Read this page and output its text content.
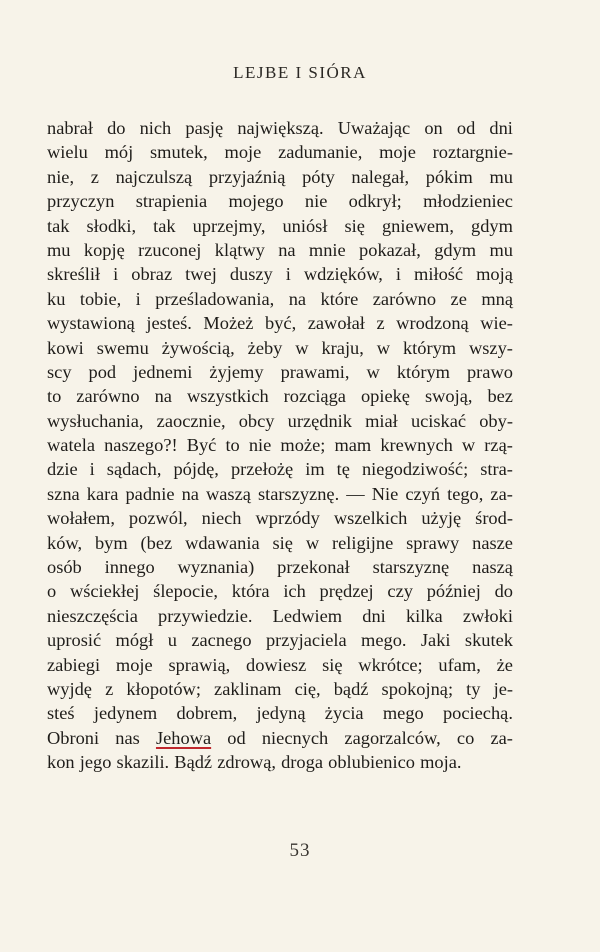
LEJBE I SIÓRA
nabrał do nich pasję największą. Uważając on od dni
wielu mój smutek, moje zadumanie, moje roztargnie-
nie, z najczulszą przyjaźnią póty nalegał, pókim mu
przyczyn strapienia mojego nie odkrył; młodzieniec
tak słodki, tak uprzejmy, uniósł się gniewem, gdym
mu kopję rzuconej klątwy na mnie pokazał, gdym mu
skreślił i obraz twej duszy i wdzięków, i miłość moją
ku tobie, i prześladowania, na które zarówno ze mną
wystawioną jesteś. Możeż być, zawołał z wrodzoną wie-
kowi swemu żywością, żeby w kraju, w którym wszy-
scy pod jednemi żyjemy prawami, w którym prawo
to zarówno na wszystkich rozciąga opiekę swoją, bez
wysłuchania, zaocznie, obcy urzędnik miał uciskać oby-
watela naszego?! Być to nie może; mam krewnych w rzą-
dzie i sądach, pójdę, przełożę im tę niegodziwość; stra-
szna kara padnie na waszą starszyznę. — Nie czyń tego, za-
wołałem, pozwól, niech wprzódy wszelkich użyję środ-
ków, bym (bez wdawania się w religijne sprawy nasze
osób innego wyznania) przekonał starszyznę naszą
o wściekłej ślepocie, która ich prędzej czy później do
nieszczęścia przywiedzie. Ledwiem dni kilka zwłoki
uprosić mógł u zacnego przyjaciela mego. Jaki skutek
zabiegi moje sprawią, dowiesz się wkrótce; ufam, że
wyjdę z kłopotów; zaklinam cię, bądź spokojną; ty je-
steś jedynem dobrem, jedyną życia mego pociechą.
Obroni nas Jehowa od niecnych zagorzalców, co za-
kon jego skazili. Bądź zdrową, droga oblubienico moja.
53
